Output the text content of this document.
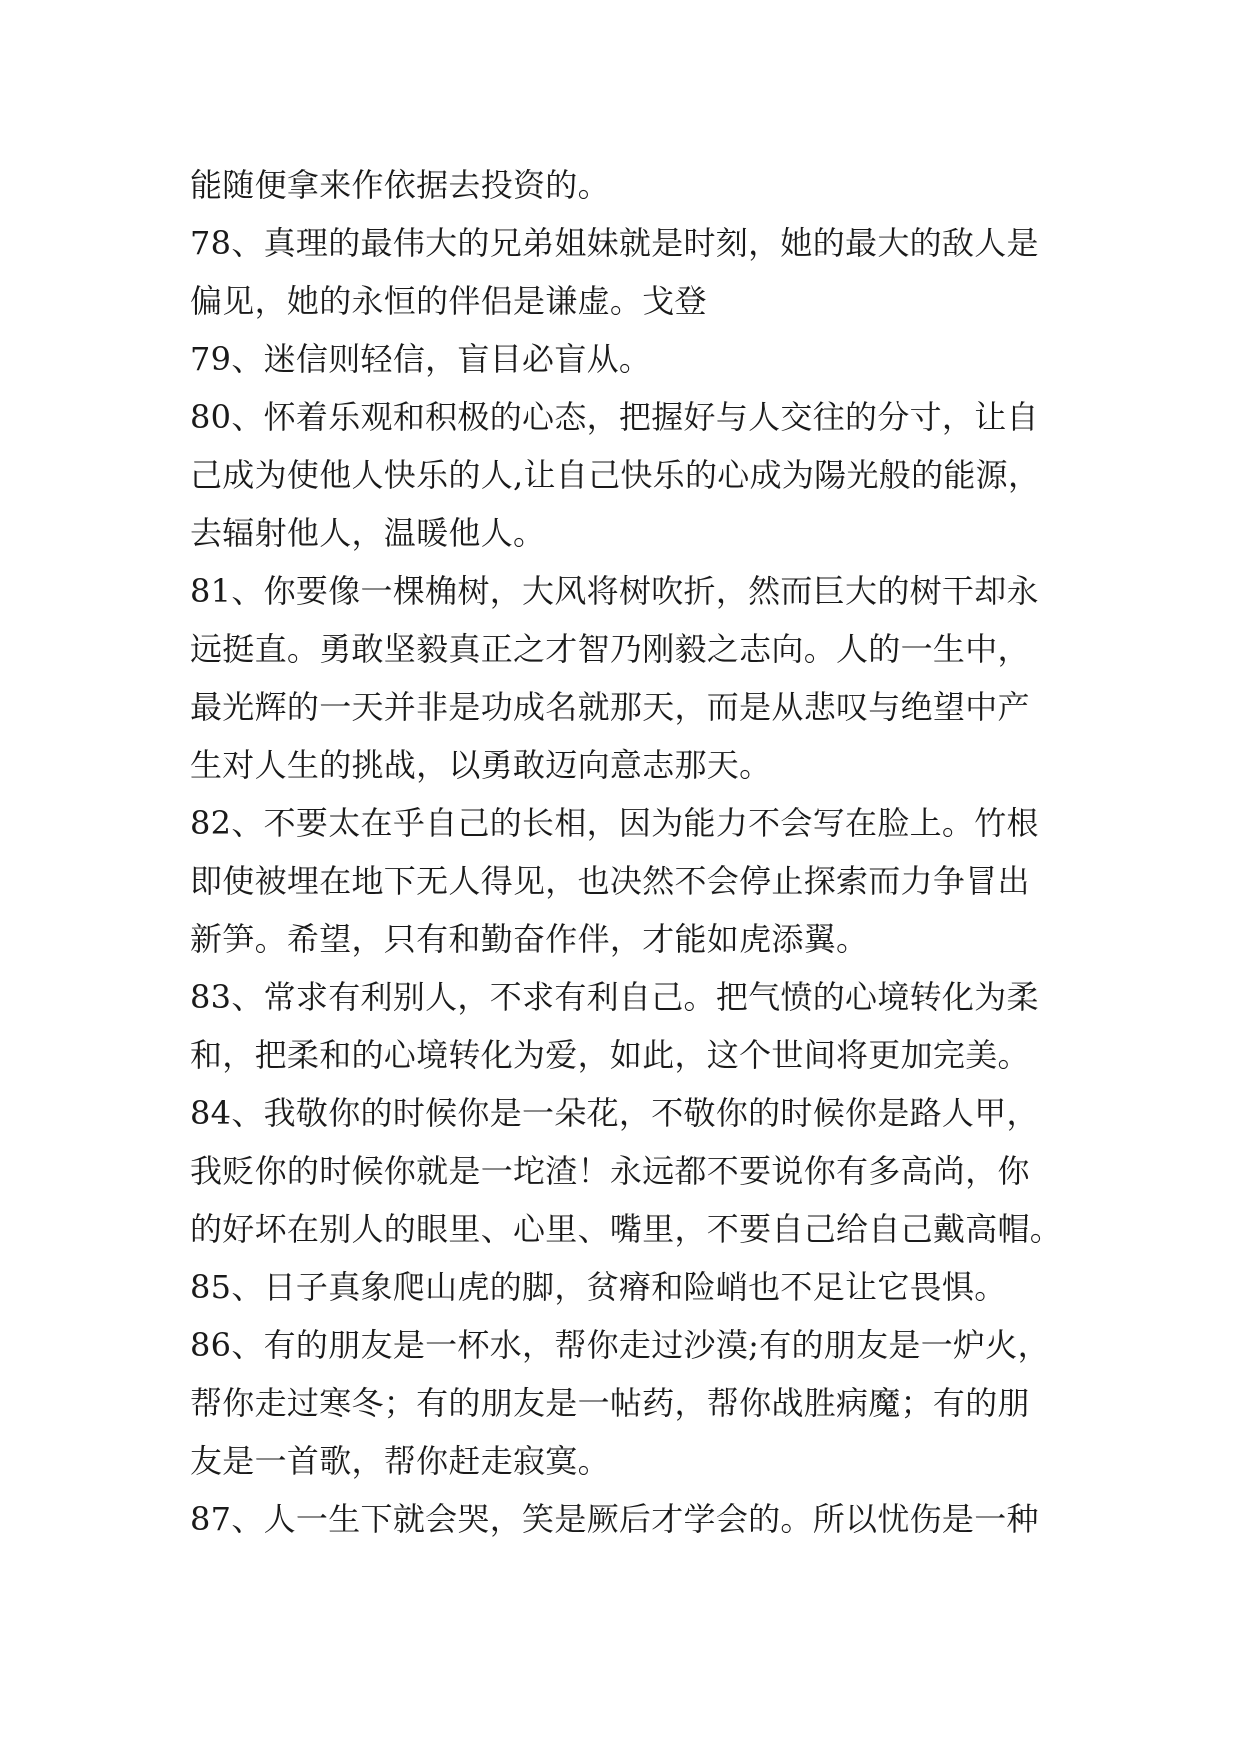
能随便拿来作依据去投资的。
78、真理的最伟大的兄弟姐妹就是时刻，她的最大的敌人是
偏见，她的永恒的伴侣是谦虚。戈登
79、迷信则轻信，盲目必盲从。
80、怀着乐观和积极的心态，把握好与人交往的分寸，让自
己成为使他人快乐的人,让自己快乐的心成为陽光般的能源，
去辐射他人，温暖他人。
81、你要像一棵桷树，大风将树吹折，然而巨大的树干却永
远挺直。勇敢坚毅真正之才智乃刚毅之志向。人的一生中，
最光辉的一天并非是功成名就那天，而是从悲叹与绝望中产
生对人生的挑战，以勇敢迈向意志那天。
82、不要太在乎自己的长相，因为能力不会写在脸上。竹根
即使被埋在地下无人得见，也决然不会停止探索而力争冒出
新笋。希望，只有和勤奋作伴，才能如虎添翼。
83、常求有利别人，不求有利自己。把气愤的心境转化为柔
和，把柔和的心境转化为爱，如此，这个世间将更加完美。
84、我敬你的时候你是一朵花，不敬你的时候你是路人甲，
我贬你的时候你就是一坨渣！永远都不要说你有多高尚，你
的好坏在别人的眼里、心里、嘴里，不要自己给自己戴高帽。
85、日子真象爬山虎的脚，贫瘠和险峭也不足让它畏惧。
86、有的朋友是一杯水，帮你走过沙漠;有的朋友是一炉火，
帮你走过寒冬；有的朋友是一帖药，帮你战胜病魔；有的朋
友是一首歌，帮你赶走寂寞。
87、人一生下就会哭，笑是厥后才学会的。所以忧伤是一种
